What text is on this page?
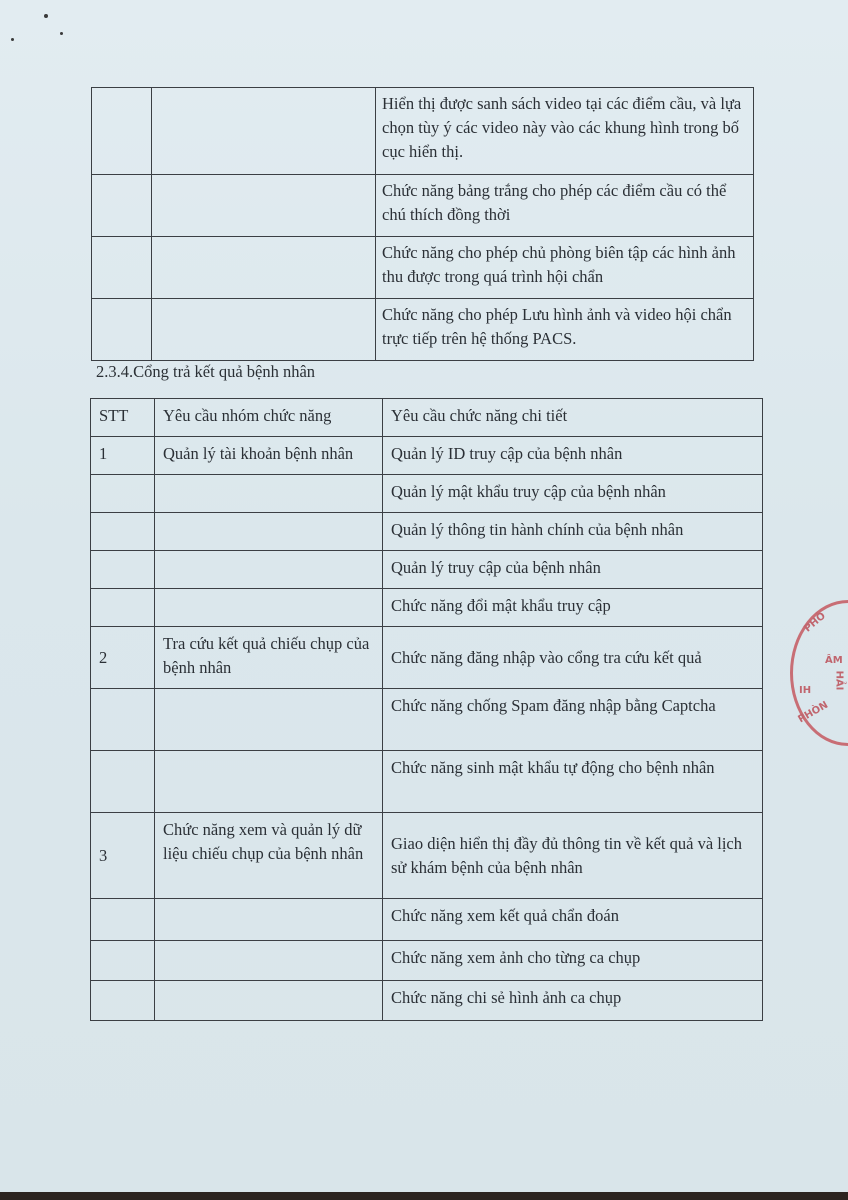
		Hiển thị được sanh sách video tại các điểm cầu, và lựa chọn tùy ý các video này vào các khung hình trong bố cục hiển thị.
		Chức năng bảng trắng cho phép các điểm cầu có thể chú thích đồng thời
		Chức năng cho phép chủ phòng biên tập các hình ảnh thu được trong quá trình hội chẩn
		Chức năng cho phép Lưu hình ảnh và video hội chẩn trực tiếp trên hệ thống PACS.
2.3.4.Cổng trả kết quả bệnh nhân
STT	Yêu cầu nhóm chức năng	Yêu cầu chức năng chi tiết
1	Quản lý tài khoản bệnh nhân	Quản lý ID truy cập của bệnh nhân
		Quản lý mật khẩu truy cập của bệnh nhân
		Quản lý thông tin hành chính của bệnh nhân
		Quản lý truy cập của bệnh nhân
		Chức năng đổi mật khẩu truy cập
2	Tra cứu kết quả chiếu chụp của bệnh nhân	Chức năng đăng nhập vào cổng tra cứu kết quả
		Chức năng chống Spam đăng nhập bằng Captcha
		Chức năng sinh mật khẩu tự động cho bệnh nhân
3	Chức năng xem và quản lý dữ liệu chiếu chụp của bệnh nhân	Giao diện hiển thị đầy đủ thông tin về kết quả và lịch sử khám bệnh của bệnh nhân
		Chức năng xem kết quả chẩn đoán
		Chức năng xem ảnh cho từng ca chụp
		Chức năng chi sẻ hình ảnh ca chụp
PHÒ
ÂM
HẢI
IH
PHÒN
